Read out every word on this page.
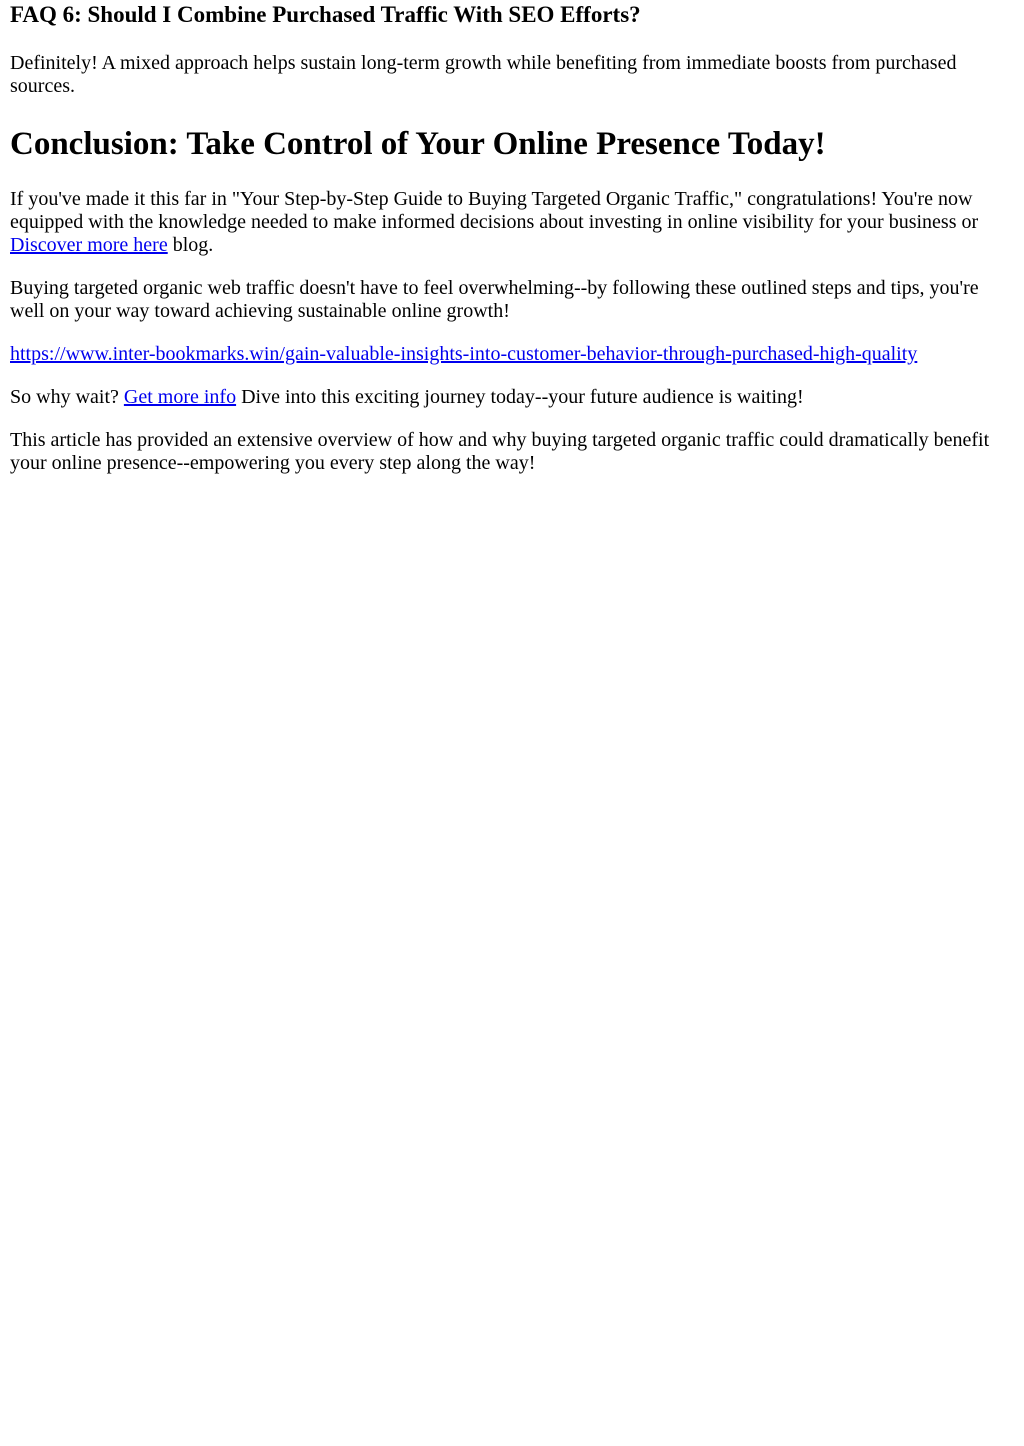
FAQ 6: Should I Combine Purchased Traffic With SEO Efforts?

Definitely! A mixed approach helps sustain long-term growth while benefiting from immediate boosts from purchased sources.

Conclusion: Take Control of Your Online Presence Today!

If you've made it this far in "Your Step-by-Step Guide to Buying Targeted Organic Traffic," congratulations! You're now equipped with the knowledge needed to make informed decisions about investing in online visibility for your business or Discover more here blog.

Buying targeted organic web traffic doesn't have to feel overwhelming--by following these outlined steps and tips, you're well on your way toward achieving sustainable online growth!

https://www.inter-bookmarks.win/gain-valuable-insights-into-customer-behavior-through-purchased-high-quality

So why wait? Get more info Dive into this exciting journey today--your future audience is waiting!

This article has provided an extensive overview of how and why buying targeted organic traffic could dramatically benefit your online presence--empowering you every step along the way!
